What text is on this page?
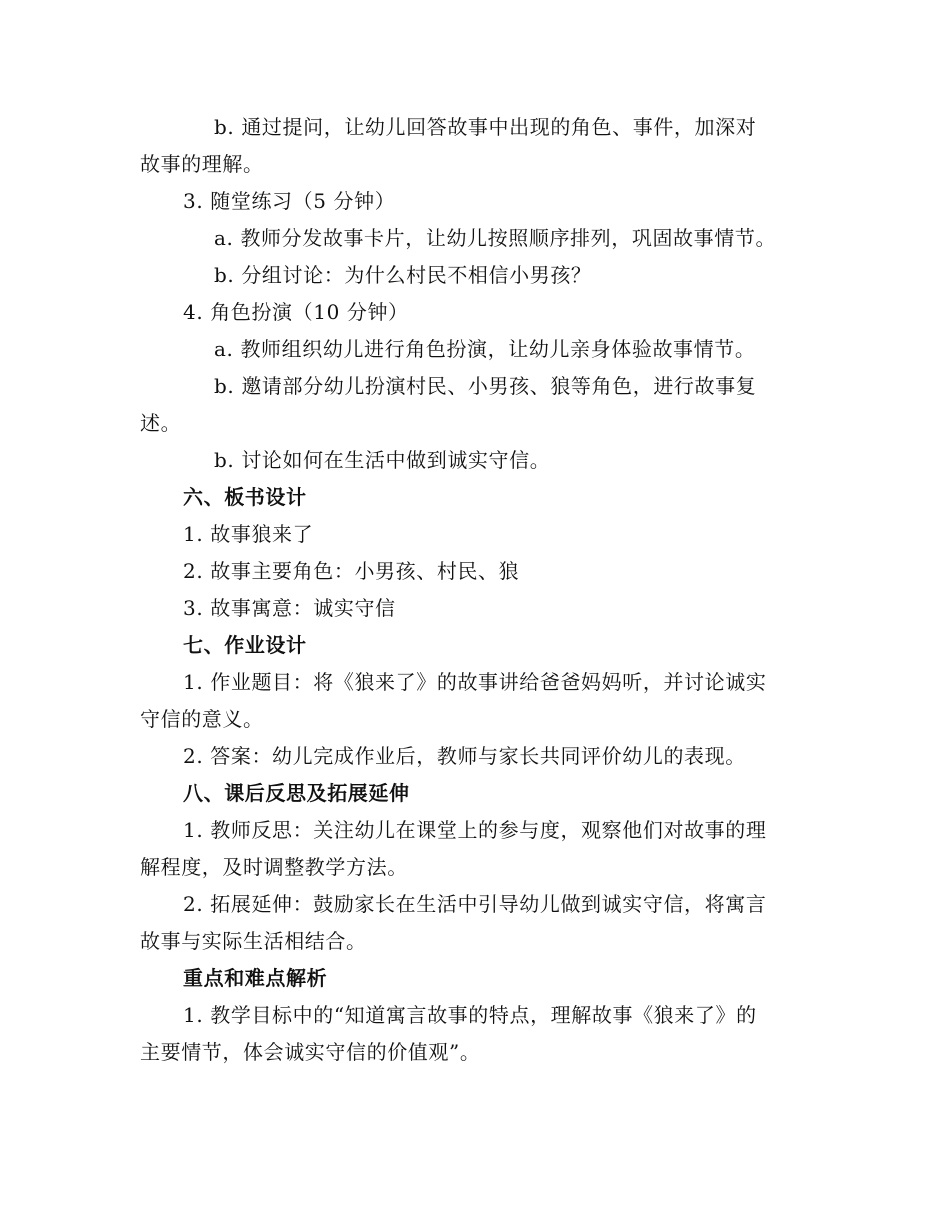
b. 通过提问，让幼儿回答故事中出现的角色、事件，加深对
故事的理解。
3. 随堂练习（5 分钟）
a. 教师分发故事卡片，让幼儿按照顺序排列，巩固故事情节。
b. 分组讨论：为什么村民不相信小男孩？
4. 角色扮演（10 分钟）
a. 教师组织幼儿进行角色扮演，让幼儿亲身体验故事情节。
b. 邀请部分幼儿扮演村民、小男孩、狼等角色，进行故事复
述。
b. 讨论如何在生活中做到诚实守信。
六、板书设计
1. 故事狼来了
2. 故事主要角色：小男孩、村民、狼
3. 故事寓意：诚实守信
七、作业设计
1. 作业题目：将《狼来了》的故事讲给爸爸妈妈听，并讨论诚实
守信的意义。
2. 答案：幼儿完成作业后，教师与家长共同评价幼儿的表现。
八、课后反思及拓展延伸
1. 教师反思：关注幼儿在课堂上的参与度，观察他们对故事的理
解程度，及时调整教学方法。
2. 拓展延伸：鼓励家长在生活中引导幼儿做到诚实守信，将寓言
故事与实际生活相结合。
重点和难点解析
1. 教学目标中的“知道寓言故事的特点，理解故事《狼来了》的
主要情节，体会诚实守信的价值观”。
